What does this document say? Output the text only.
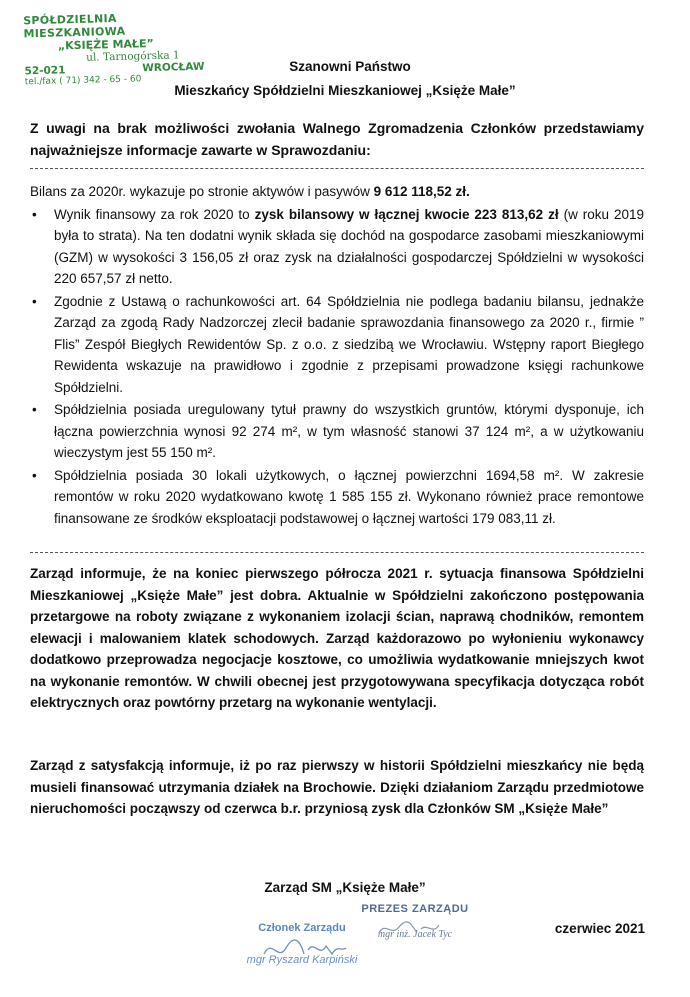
SPÓŁDZIELNIA MIESZKANIOWA
„KSIĘŻE MAŁE”
ul. Tarnogórska 1
52-021	WROCŁAW
tel./fax ( 71) 342 - 65 - 60
Szanowni Państwo
Mieszkańcy Spółdzielni Mieszkaniowej „Księże Małe”
Z uwagi na brak możliwości zwołania Walnego Zgromadzenia Członków przedstawiamy najważniejsze informacje zawarte w Sprawozdaniu:

Bilans za 2020r. wykazuje po stronie aktywów i pasywów 9 612 118,52 zł.

• Wynik finansowy za rok 2020 to zysk bilansowy w łącznej kwocie 223 813,62 zł (w roku 2019 była to strata). Na ten dodatni wynik składa się dochód na gospodarce zasobami mieszkaniowymi (GZM) w wysokości 3 156,05 zł oraz zysk na działalności gospodarczej Spółdzielni w wysokości 220 657,57 zł netto.
• Zgodnie z Ustawą o rachunkowości art. 64 Spółdzielnia nie podlega badaniu bilansu, jednakże Zarząd za zgodą Rady Nadzorczej zlecił badanie sprawozdania finansowego za 2020 r., firmie ” Flis” Zespół Biegłych Rewidentów Sp. z o.o. z siedzibą we Wrocławiu. Wstępny raport Biegłego Rewidenta wskazuje na prawidłowo i zgodnie z przepisami prowadzone księgi rachunkowe Spółdzielni.
• Spółdzielnia posiada uregulowany tytuł prawny do wszystkich gruntów, którymi dysponuje, ich łączna powierzchnia wynosi 92 274 m², w tym własność stanowi 37 124 m², a w użytkowaniu wieczystym jest 55 150 m².
• Spółdzielnia posiada 30 lokali użytkowych, o łącznej powierzchni 1694,58 m². W zakresie remontów w roku 2020 wydatkowano kwotę 1 585 155 zł. Wykonano również prace remontowe finansowane ze środków eksploatacji podstawowej o łącznej wartości 179 083,11 zł.
Zarząd informuje, że na koniec pierwszego półrocza 2021 r. sytuacja finansowa Spółdzielni Mieszkaniowej „Księże Małe” jest dobra. Aktualnie w Spółdzielni zakończono postępowania przetargowe na roboty związane z wykonaniem izolacji ścian, naprawą chodników, remontem elewacji i malowaniem klatek schodowych. Zarząd każdorazowo po wyłonieniu wykonawcy dodatkowo przeprowadza negocjacje kosztowe, co umożliwia wydatkowanie mniejszych kwot na wykonanie remontów. W chwili obecnej jest przygotowywana specyfikacja dotycząca robót elektrycznych oraz powtórny przetarg na wykonanie wentylacji.
Zarząd z satysfakcją informuje, iż po raz pierwszy w historii Spółdzielni mieszkańcy nie będą musieli finansować utrzymania działek na Brochowie. Dzięki działaniom Zarządu przedmiotowe nieruchomości począwszy od czerwca b.r. przyniosą zysk dla Członków SM „Księże Małe”
Zarząd SM „Księże Małe”
Członek Zarządu
mgr Ryszard Karpiński
PREZES ZARZĄDU
mgr inż. Jacek Tyc	czerwiec 2021
